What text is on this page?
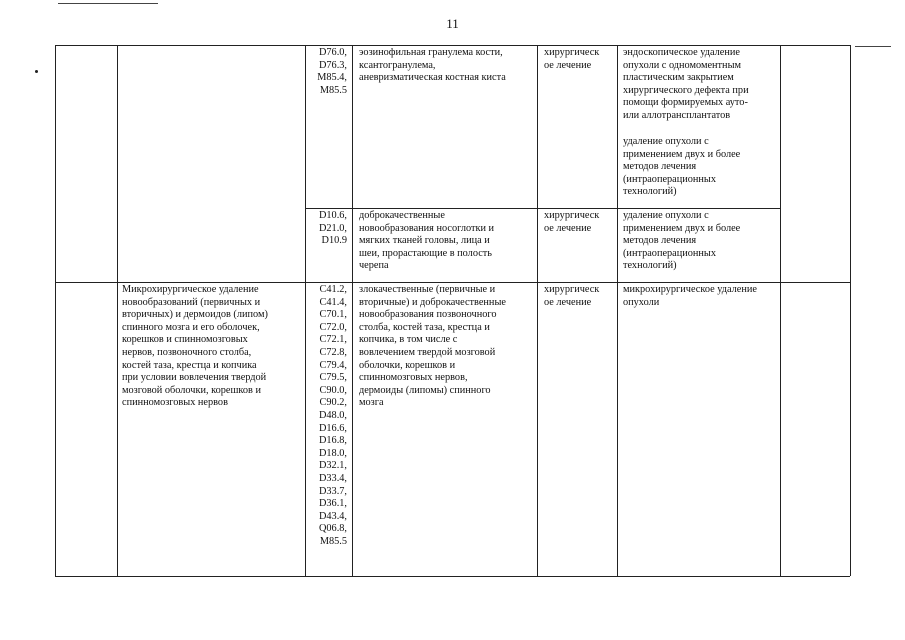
11
D76.0,
D76.3,
M85.4,
M85.5
эозинофильная гранулема кости,
ксантогранулема,
аневризматическая костная киста
хирургическ
ое лечение
эндоскопическое удаление
опухоли с одномоментным
пластическим закрытием
хирургического дефекта при
помощи формируемых ауто-
или аллотрансплантатов
удаление опухоли с
применением двух и более
методов лечения
(интраоперационных
технологий)
D10.6,
D21.0,
D10.9
доброкачественные
новообразования носоглотки и
мягких тканей головы, лица и
шеи, прорастающие в полость
черепа
хирургическ
ое лечение
удаление опухоли с
применением двух и более
методов лечения
(интраоперационных
технологий)
Микрохирургическое удаление
новообразований (первичных и
вторичных) и дермоидов (липом)
спинного мозга и его оболочек,
корешков и спинномозговых
нервов, позвоночного столба,
костей таза, крестца и копчика
при условии вовлечения твердой
мозговой оболочки, корешков и
спинномозговых нервов
C41.2,
C41.4,
C70.1,
C72.0,
C72.1,
C72.8,
C79.4,
C79.5,
C90.0,
C90.2,
D48.0,
D16.6,
D16.8,
D18.0,
D32.1,
D33.4,
D33.7,
D36.1,
D43.4,
Q06.8,
M85.5
злокачественные (первичные и
вторичные) и доброкачественные
новообразования позвоночного
столба, костей таза, крестца и
копчика, в том числе с
вовлечением твердой мозговой
оболочки, корешков и
спинномозговых нервов,
дермоиды (липомы) спинного
мозга
хирургическ
ое лечение
микрохирургическое удаление
опухоли
